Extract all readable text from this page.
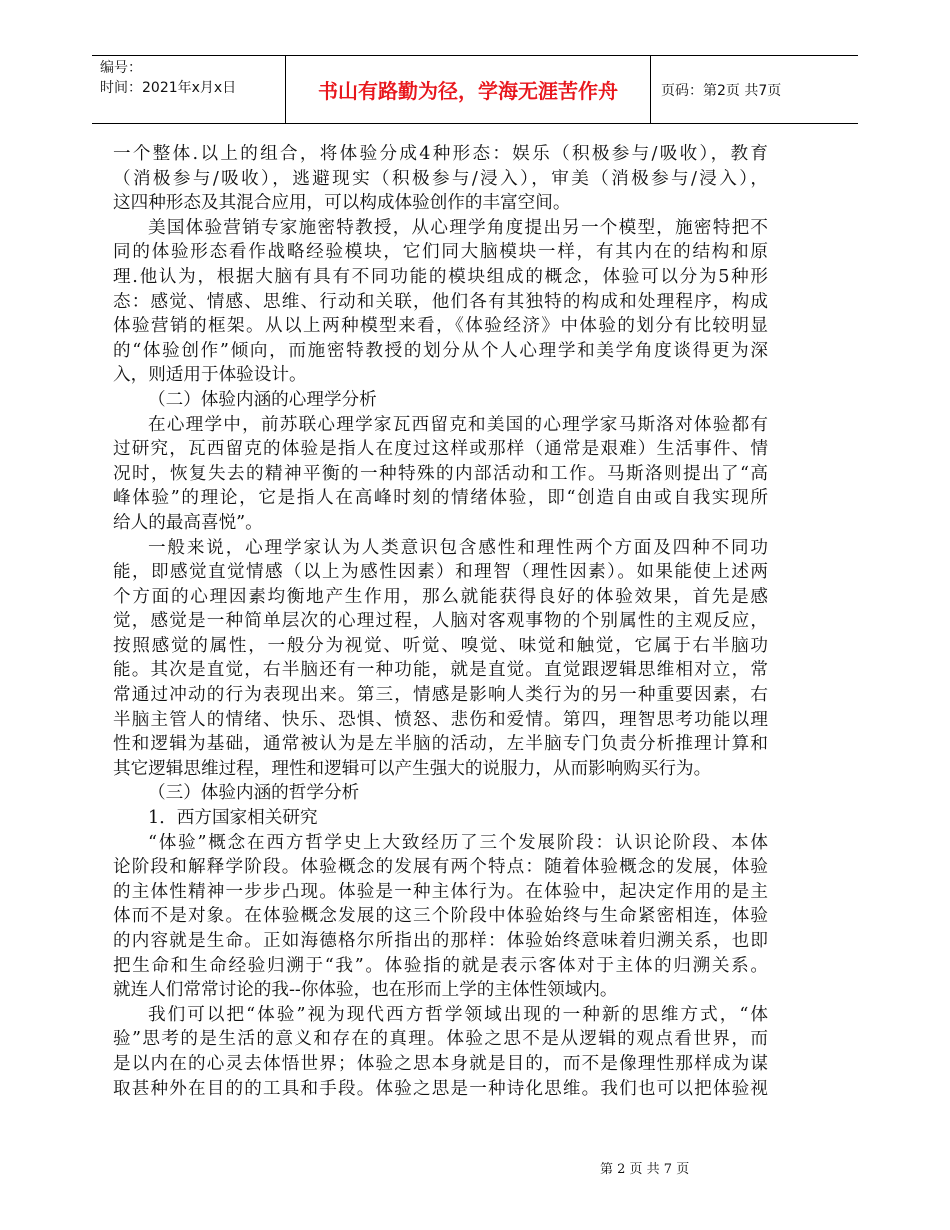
编号：
时间：2021年x月x日	书山有路勤为径，学海无涯苦作舟	页码：第2页 共7页
一个整体.以上的组合，将体验分成4种形态：娱乐（积极参与/吸收），教育
（消极参与/吸收），逃避现实（积极参与/浸入），审美（消极参与/浸入），
这四种形态及其混合应用，可以构成体验创作的丰富空间。
美国体验营销专家施密特教授，从心理学角度提出另一个模型，施密特把不
同的体验形态看作战略经验模块，它们同大脑模块一样，有其内在的结构和原
理.他认为，根据大脑有具有不同功能的模块组成的概念，体验可以分为5种形
态：感觉、情感、思维、行动和关联，他们各有其独特的构成和处理程序，构成
体验营销的框架。从以上两种模型来看，《体验经济》中体验的划分有比较明显
的“体验创作”倾向，而施密特教授的划分从个人心理学和美学角度谈得更为深
入，则适用于体验设计。
（二）体验内涵的心理学分析
在心理学中，前苏联心理学家瓦西留克和美国的心理学家马斯洛对体验都有
过研究，瓦西留克的体验是指人在度过这样或那样（通常是艰难）生活事件、情
况时，恢复失去的精神平衡的一种特殊的内部活动和工作。马斯洛则提出了“高
峰体验”的理论，它是指人在高峰时刻的情绪体验，即“创造自由或自我实现所
给人的最高喜悦”。
一般来说，心理学家认为人类意识包含感性和理性两个方面及四种不同功
能，即感觉直觉情感（以上为感性因素）和理智（理性因素）。如果能使上述两
个方面的心理因素均衡地产生作用，那么就能获得良好的体验效果，首先是感
觉，感觉是一种简单层次的心理过程，人脑对客观事物的个别属性的主观反应，
按照感觉的属性，一般分为视觉、听觉、嗅觉、味觉和触觉，它属于右半脑功
能。其次是直觉，右半脑还有一种功能，就是直觉。直觉跟逻辑思维相对立，常
常通过冲动的行为表现出来。第三，情感是影响人类行为的另一种重要因素，右
半脑主管人的情绪、快乐、恐惧、愤怒、悲伤和爱情。第四，理智思考功能以理
性和逻辑为基础，通常被认为是左半脑的活动，左半脑专门负责分析推理计算和
其它逻辑思维过程，理性和逻辑可以产生强大的说服力，从而影响购买行为。
（三）体验内涵的哲学分析
1．西方国家相关研究
“体验”概念在西方哲学史上大致经历了三个发展阶段：认识论阶段、本体
论阶段和解释学阶段。体验概念的发展有两个特点：随着体验概念的发展，体验
的主体性精神一步步凸现。体验是一种主体行为。在体验中，起决定作用的是主
体而不是对象。在体验概念发展的这三个阶段中体验始终与生命紧密相连，体验
的内容就是生命。正如海德格尔所指出的那样：体验始终意味着归溯关系，也即
把生命和生命经验归溯于“我”。体验指的就是表示客体对于主体的归溯关系。
就连人们常常讨论的我--你体验，也在形而上学的主体性领域内。
我们可以把“体验”视为现代西方哲学领域出现的一种新的思维方式，“体
验”思考的是生活的意义和存在的真理。体验之思不是从逻辑的观点看世界，而
是以内在的心灵去体悟世界；体验之思本身就是目的，而不是像理性那样成为谋
取甚种外在目的的工具和手段。体验之思是一种诗化思维。我们也可以把体验视
第 2 页 共 7 页
